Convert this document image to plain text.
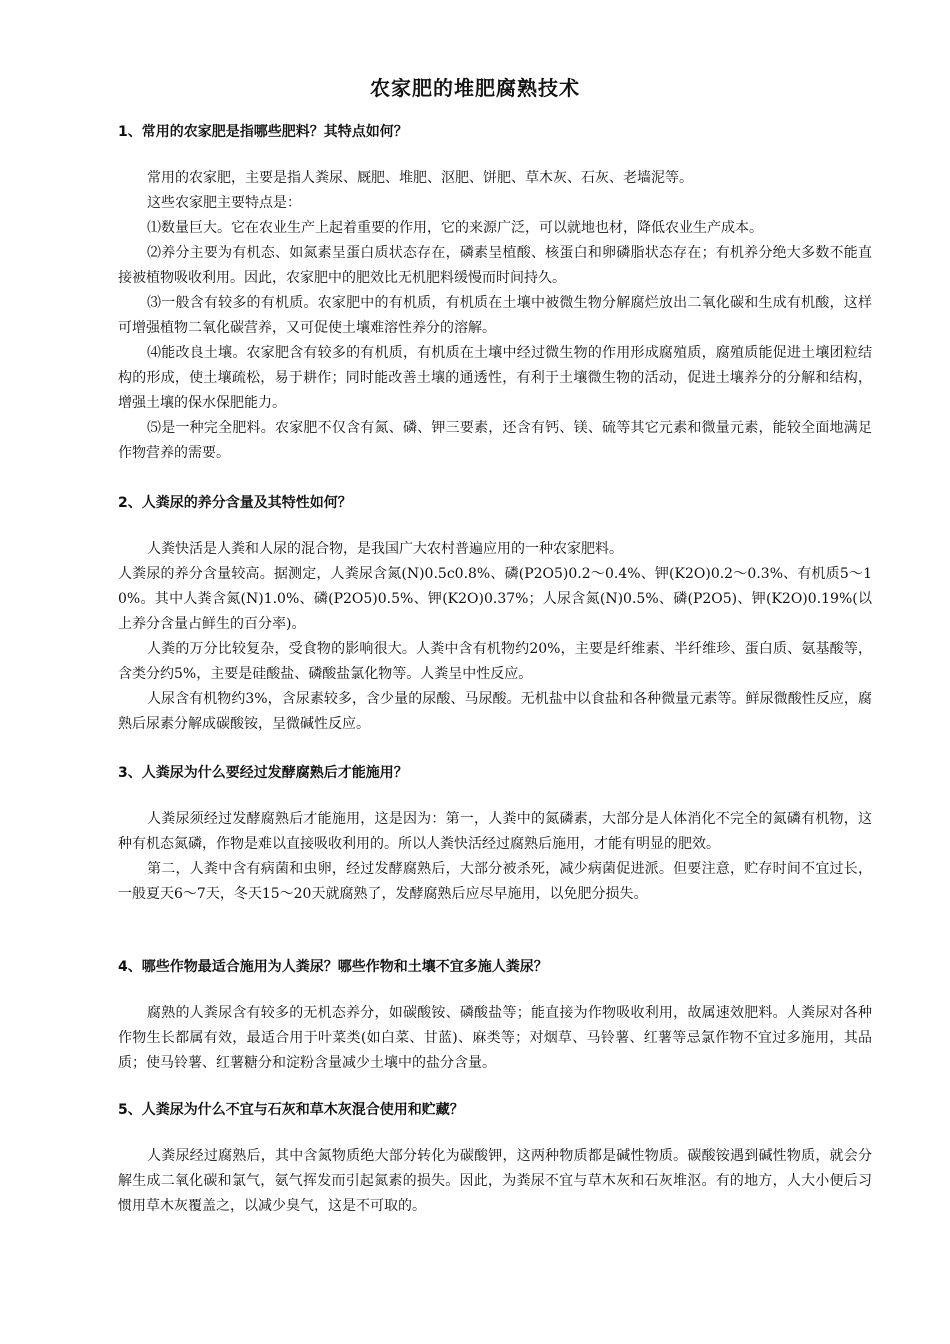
农家肥的堆肥腐熟技术
1、常用的农家肥是指哪些肥料？其特点如何？

常用的农家肥，主要是指人粪尿、厩肥、堆肥、沤肥、饼肥、草木灰、石灰、老墙泥等。

这些农家肥主要特点是：

⑴数量巨大。它在农业生产上起着重要的作用，它的来源广泛，可以就地也材，降低农业生产成本。

⑵养分主要为有机态、如氮素呈蛋白质状态存在，磷素呈植酸、核蛋白和卵磷脂状态存在；有机养分绝大多数不能直接被植物吸收利用。因此，农家肥中的肥效比无机肥料缓慢而时间持久。

⑶一般含有较多的有机质。农家肥中的有机质，有机质在土壤中被微生物分解腐烂放出二氧化碳和生成有机酸，这样可增强植物二氧化碳营养，又可促使土壤难溶性养分的溶解。

⑷能改良土壤。农家肥含有较多的有机质，有机质在土壤中经过微生物的作用形成腐殖质，腐殖质能促进土壤团粒结构的形成，使土壤疏松，易于耕作；同时能改善土壤的通透性，有利于土壤微生物的活动，促进土壤养分的分解和结构，增强土壤的保水保肥能力。

⑸是一种完全肥料。农家肥不仅含有氮、磷、钾三要素，还含有钙、镁、硫等其它元素和微量元素，能较全面地满足作物营养的需要。

2、人粪尿的养分含量及其特性如何？

人粪快活是人粪和人尿的混合物，是我国广大农村普遍应用的一种农家肥料。

人粪尿的养分含量较高。据测定，人粪尿含氮(N)0.5c0.8%、磷(P2O5)0.2～0.4%、钾(K2O)0.2～0.3%、有机质5～10%。其中人粪含氮(N)1.0%、磷(P2O5)0.5%、钾(K2O)0.37%；人尿含氮(N)0.5%、磷(P2O5)、钾(K2O)0.19%(以上养分含量占鲜生的百分率)。

人粪的万分比较复杂，受食物的影响很大。人粪中含有机物约20%，主要是纤维素、半纤维珍、蛋白质、氨基酸等，含类分约5%，主要是硅酸盐、磷酸盐氯化物等。人粪呈中性反应。

人尿含有机物约3%，含尿素较多，含少量的尿酸、马尿酸。无机盐中以食盐和各种微量元素等。鲜尿微酸性反应，腐熟后尿素分解成碳酸铵，呈微碱性反应。

3、人粪尿为什么要经过发酵腐熟后才能施用？

人粪尿须经过发酵腐熟后才能施用，这是因为：第一，人粪中的氮磷素，大部分是人体消化不完全的氮磷有机物，这种有机态氮磷，作物是难以直接吸收利用的。所以人粪快活经过腐熟后施用，才能有明显的肥效。

第二，人粪中含有病菌和虫卵，经过发酵腐熟后，大部分被杀死，减少病菌促进派。但要注意，贮存时间不宜过长，一般夏天6～7天，冬天15～20天就腐熟了，发酵腐熟后应尽早施用，以免肥分损失。

4、哪些作物最适合施用为人粪尿？哪些作物和土壤不宜多施人粪尿？

腐熟的人粪尿含有较多的无机态养分，如碳酸铵、磷酸盐等；能直接为作物吸收利用，故属速效肥料。人粪尿对各种作物生长都属有效，最适合用于叶菜类(如白菜、甘蓝)、麻类等；对烟草、马铃薯、红薯等忌氯作物不宜过多施用，其品质；使马铃薯、红薯糖分和淀粉含量减少土壤中的盐分含量。

5、人粪尿为什么不宜与石灰和草木灰混合使用和贮藏？

人粪尿经过腐熟后，其中含氮物质绝大部分转化为碳酸钾，这两种物质都是碱性物质。碳酸铵遇到碱性物质，就会分解生成二氧化碳和氯气，氨气挥发而引起氮素的损失。因此，为粪尿不宜与草木灰和石灰堆沤。有的地方，人大小便后习惯用草木灰覆盖之，以减少臭气，这是不可取的。
